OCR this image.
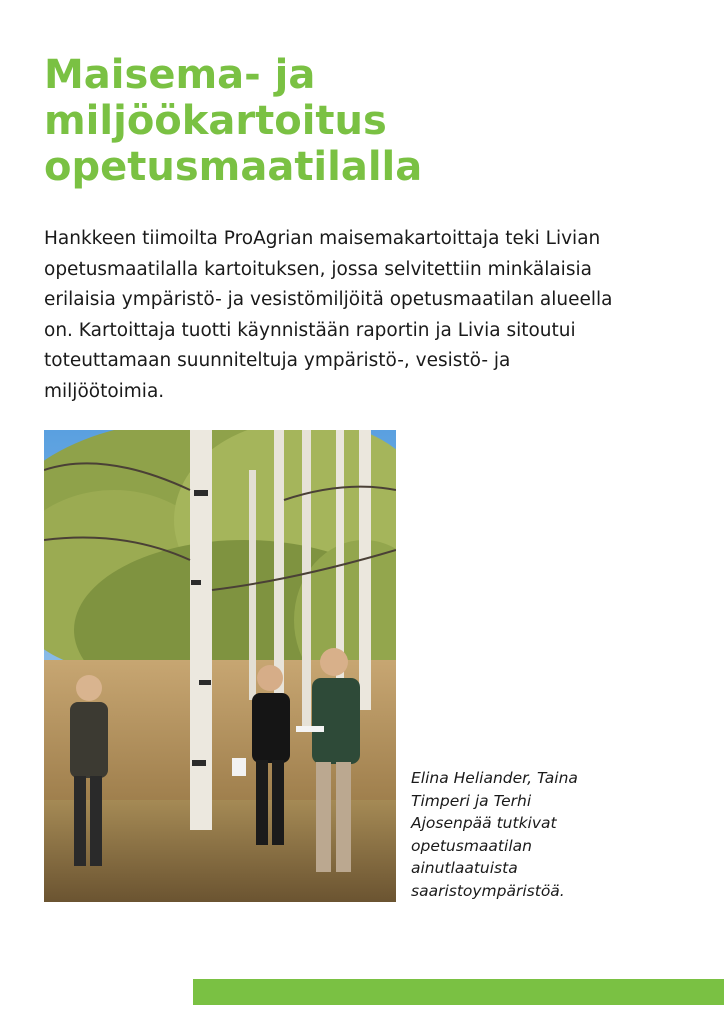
Maisema- ja
miljöökartoitus
opetusmaatilalla

Hankkeen tiimoilta ProAgrian maisemakartoittaja teki Livian
opetusmaatilalla kartoituksen, jossa selvitettiin minkälaisia
erilaisia ympäristö- ja vesistömiljöitä opetusmaatilan alueella
on. Kartoittaja tuotti käynnistään raportin ja Livia sitoutui
toteuttamaan suunniteltuja ympäristö-, vesistö- ja
miljöötoimia.

Elina Heliander, Taina
Timperi ja Terhi
Ajosenpää tutkivat
opetusmaatilan
ainutlaatuista
saaristoympäristöä.
